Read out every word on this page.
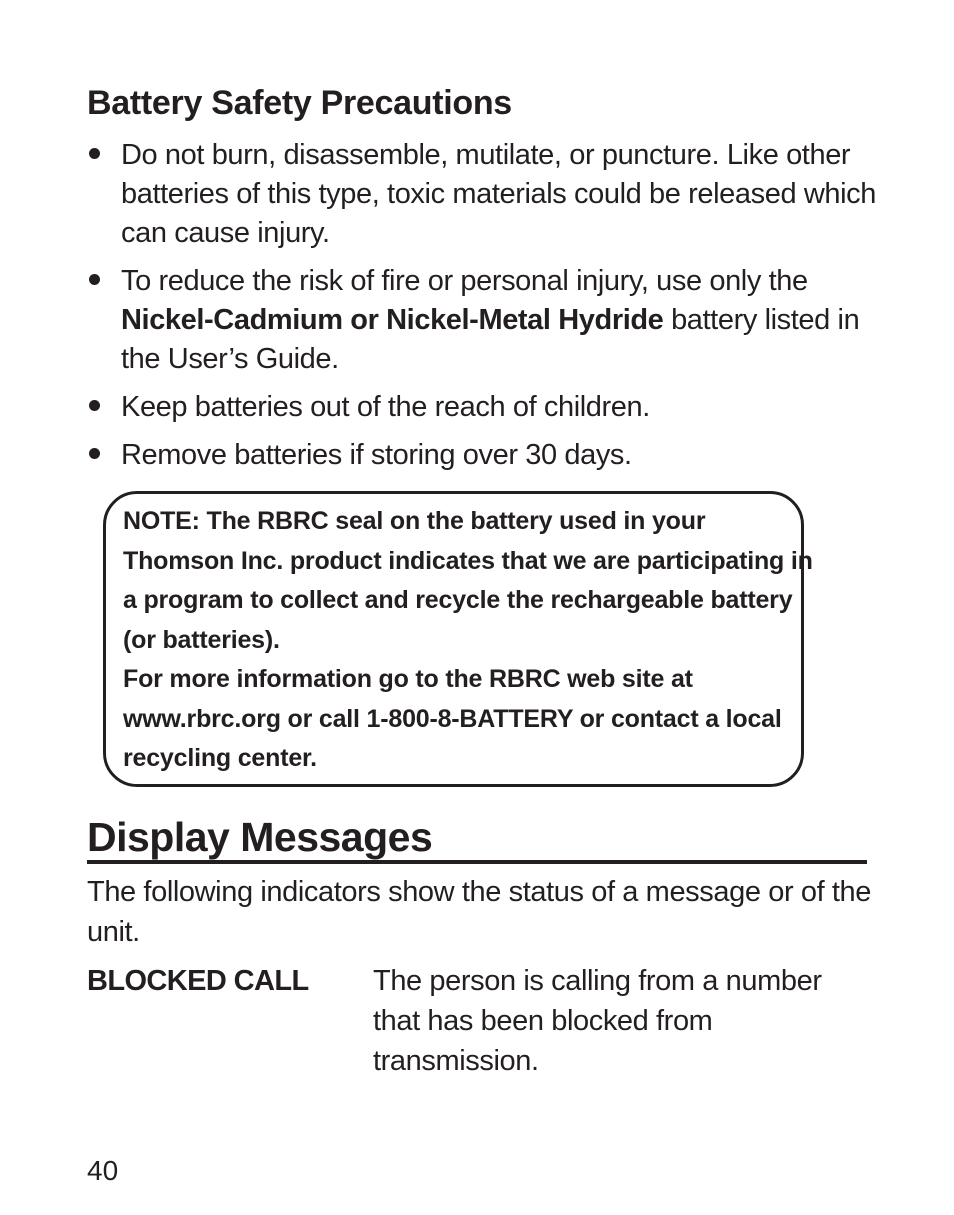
Battery Safety Precautions
Do not burn, disassemble, mutilate, or puncture. Like other batteries of this type, toxic materials could be released which can cause injury.
To reduce the risk of fire or personal injury, use only the Nickel-Cadmium or Nickel-Metal Hydride battery listed in the User’s Guide.
Keep batteries out of the reach of children.
Remove batteries if storing over 30 days.

NOTE: The RBRC seal on the battery used in your Thomson Inc. product indicates that we are participating in a program to collect and recycle the rechargeable battery (or batteries).
For more information go to the RBRC web site at www.rbrc.org or call 1-800-8-BATTERY or contact a local recycling center.

Display Messages

The following indicators show the status of a message or of the unit.

BLOCKED CALL The person is calling from a number that has been blocked from transmission.

40
